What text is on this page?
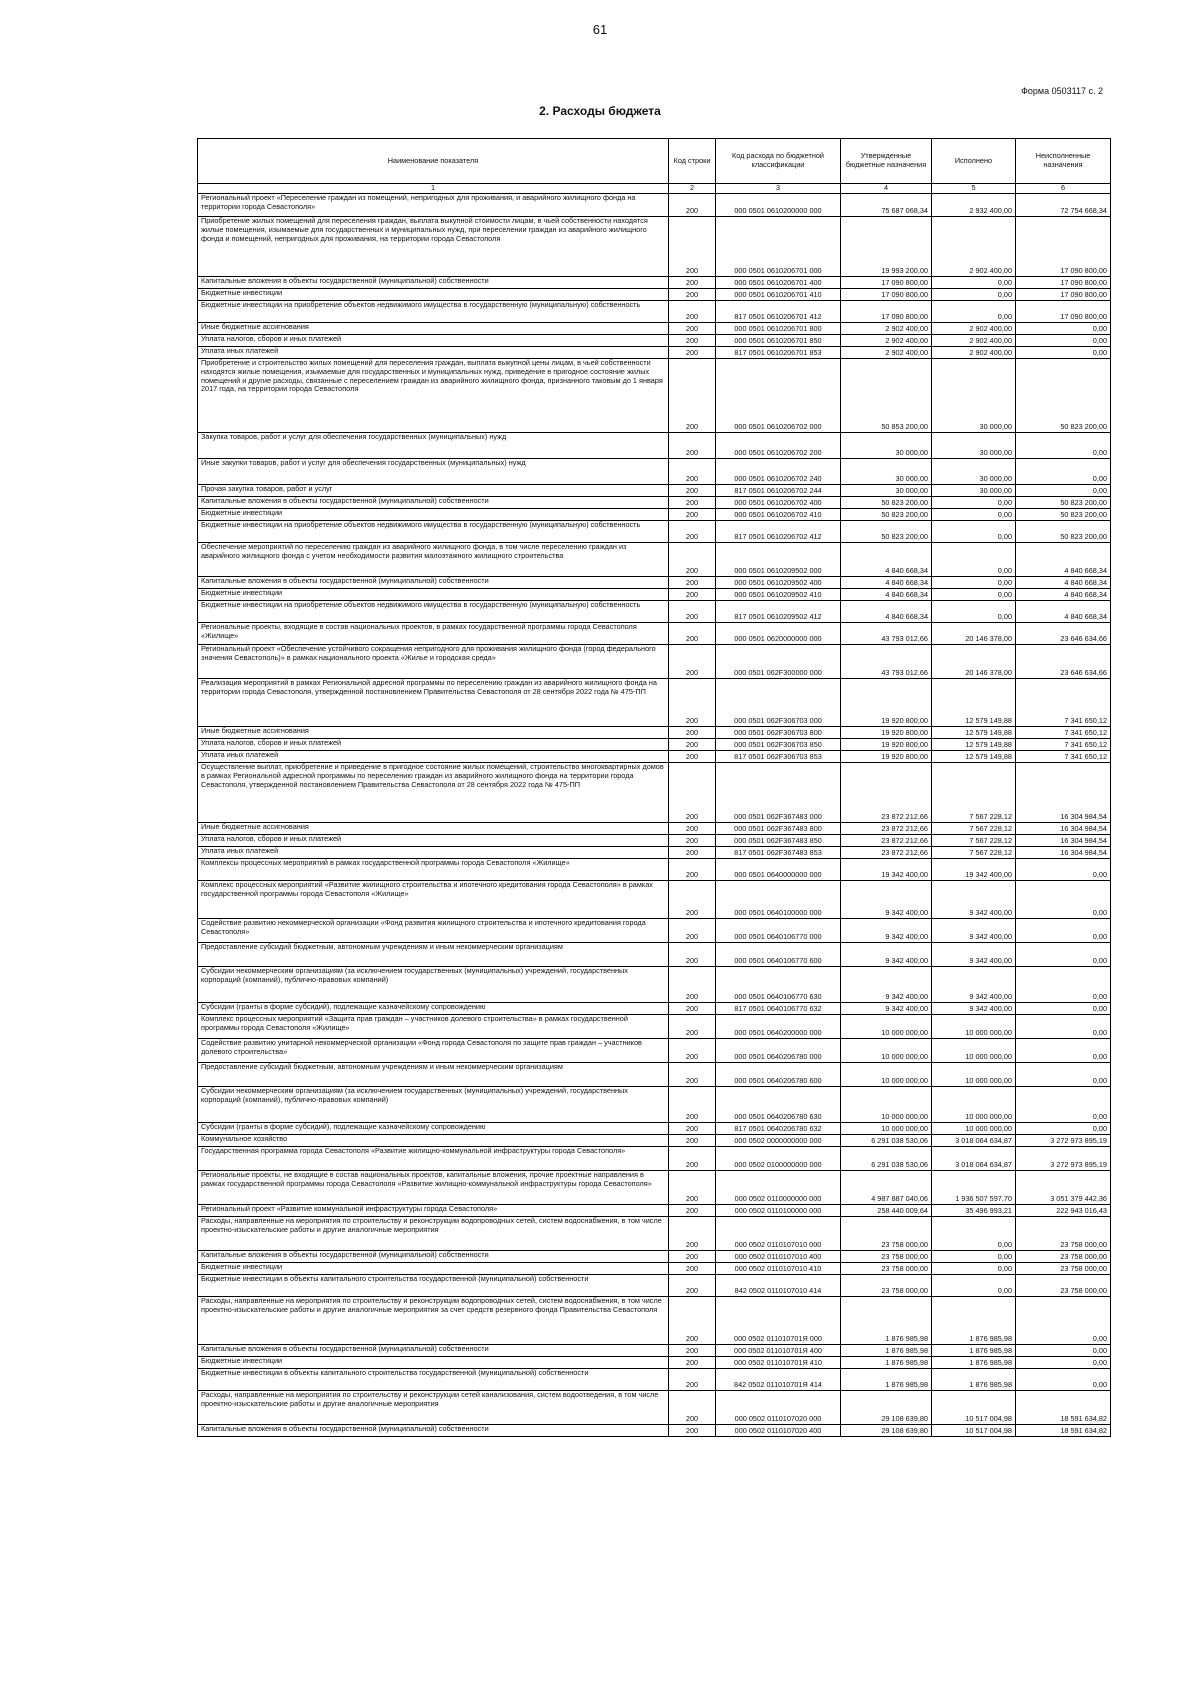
61
Форма 0503117 с. 2
2. Расходы бюджета
Наименование показателя	Код строки	Код расхода по бюджетной классификации	Утвержденные бюджетные назначения	Исполнено	Неисполненные назначения
1	2	3	4	5	6
Региональный проект «Переселение граждан из помещений, непригодных для проживания, и аварийного жилищного фонда на территории города Севастополя»	200	000 0501 0610200000 000	75 687 068,34	2 932 400,00	72 754 668,34
Приобретение жилых помещений для переселения граждан, выплата выкупной стоимости лицам, в чьей собственности находятся жилые помещения, изымаемые для государственных и муниципальных нужд, при переселении граждан из аварийного жилищного фонда и помещений, непригодных для проживания, на территории города Севастополя	200	000 0501 0610206701 000	19 993 200,00	2 902 400,00	17 090 800,00
Капитальные вложения в объекты государственной (муниципальной) собственности	200	000 0501 0610206701 400	17 090 800,00	0,00	17 090 800,00
Бюджетные инвестиции	200	000 0501 0610206701 410	17 090 800,00	0,00	17 090 800,00
Бюджетные инвестиции на приобретение объектов недвижимого имущества в государственную (муниципальную) собственность	200	817 0501 0610206701 412	17 090 800,00	0,00	17 090 800,00
Иные бюджетные ассигнования	200	000 0501 0610206701 800	2 902 400,00	2 902 400,00	0,00
Уплата налогов, сборов и иных платежей	200	000 0501 0610206701 850	2 902 400,00	2 902 400,00	0,00
Уплата иных платежей	200	817 0501 0610206701 853	2 902 400,00	2 902 400,00	0,00
Приобретение и строительство жилых помещений для переселения граждан, выплата выкупной цены лицам, в чьей собственности находятся жилые помещения, изымаемые для государственных и муниципальных нужд, приведение в пригодное состояние жилых помещений и другие расходы, связанные с переселением граждан из аварийного жилищного фонда, признанного таковым до 1 января 2017 года, на территории города Севастополя	200	000 0501 0610206702 000	50 853 200,00	30 000,00	50 823 200,00
Закупка товаров, работ и услуг для обеспечения государственных (муниципальных) нужд	200	000 0501 0610206702 200	30 000,00	30 000,00	0,00
Иные закупки товаров, работ и услуг для обеспечения государственных (муниципальных) нужд	200	000 0501 0610206702 240	30 000,00	30 000,00	0,00
Прочая закупка товаров, работ и услуг	200	817 0501 0610206702 244	30 000,00	30 000,00	0,00
Капитальные вложения в объекты государственной (муниципальной) собственности	200	000 0501 0610206702 400	50 823 200,00	0,00	50 823 200,00
Бюджетные инвестиции	200	000 0501 0610206702 410	50 823 200,00	0,00	50 823 200,00
Бюджетные инвестиции на приобретение объектов недвижимого имущества в государственную (муниципальную) собственность	200	817 0501 0610206702 412	50 823 200,00	0,00	50 823 200,00
Обеспечение мероприятий по переселению граждан из аварийного жилищного фонда, в том числе переселению граждан из аварийного жилищного фонда с учетом необходимости развития малоэтажного жилищного строительства	200	000 0501 0610209502 000	4 840 668,34	0,00	4 840 668,34
Капитальные вложения в объекты государственной (муниципальной) собственности	200	000 0501 0610209502 400	4 840 668,34	0,00	4 840 668,34
Бюджетные инвестиции	200	000 0501 0610209502 410	4 840 668,34	0,00	4 840 668,34
Бюджетные инвестиции на приобретение объектов недвижимого имущества в государственную (муниципальную) собственность	200	817 0501 0610209502 412	4 840 668,34	0,00	4 840 668,34
Региональные проекты, входящие в состав национальных проектов, в рамках государственной программы города Севастополя «Жилище»	200	000 0501 0620000000 000	43 793 012,66	20 146 378,00	23 646 634,66
Региональный проект «Обеспечение устойчивого сокращения непригодного для проживания жилищного фонда (город федерального значения Севастополь)» в рамках национального проекта «Жилье и городская среда»	200	000 0501 062F300000 000	43 793 012,66	20 146 378,00	23 646 634,66
Реализация мероприятий в рамках Региональной адресной программы по переселению граждан из аварийного жилищного фонда на территории города Севастополя, утвержденной постановлением Правительства Севастополя от 28 сентября 2022 года № 475-ПП	200	000 0501 062F306703 000	19 920 800,00	12 579 149,88	7 341 650,12
Иные бюджетные ассигнования	200	000 0501 062F306703 800	19 920 800,00	12 579 149,88	7 341 650,12
Уплата налогов, сборов и иных платежей	200	000 0501 062F306703 850	19 920 800,00	12 579 149,88	7 341 650,12
Уплата иных платежей	200	817 0501 062F306703 853	19 920 800,00	12 579 149,88	7 341 650,12
Осуществление выплат, приобретение и приведение в пригодное состояние жилых помещений, строительство многоквартирных домов в рамках Региональной адресной программы по переселению граждан из аварийного жилищного фонда на территории города Севастополя, утвержденной постановлением Правительства Севастополя от 28 сентября 2022 года № 475-ПП	200	000 0501 062F367483 000	23 872 212,66	7 567 228,12	16 304 984,54
Иные бюджетные ассигнования	200	000 0501 062F367483 800	23 872 212,66	7 567 228,12	16 304 984,54
Уплата налогов, сборов и иных платежей	200	000 0501 062F367483 850	23 872 212,66	7 567 228,12	16 304 984,54
Уплата иных платежей	200	817 0501 062F367483 853	23 872 212,66	7 567 228,12	16 304 984,54
Комплексы процессных мероприятий в рамках государственной программы города Севастополя «Жилище»	200	000 0501 0640000000 000	19 342 400,00	19 342 400,00	0,00
Комплекс процессных мероприятий «Развитие жилищного строительства и ипотечного кредитования города Севастополя» в рамках государственной программы города Севастополя «Жилище»	200	000 0501 0640100000 000	9 342 400,00	9 342 400,00	0,00
Содействие развитию некоммерческой организации «Фонд развития жилищного строительства и ипотечного кредитования города Севастополя»	200	000 0501 0640106770 000	9 342 400,00	9 342 400,00	0,00
Предоставление субсидий бюджетным, автономным учреждениям и иным некоммерческим организациям	200	000 0501 0640106770 600	9 342 400,00	9 342 400,00	0,00
Субсидии некоммерческим организациям (за исключением государственных (муниципальных) учреждений, государственных корпораций (компаний), публично-правовых компаний)	200	000 0501 0640106770 630	9 342 400,00	9 342 400,00	0,00
Субсидии (гранты в форме субсидий), подлежащие казначейскому сопровождению	200	817 0501 0640106770 632	9 342 400,00	9 342 400,00	0,00
Комплекс процессных мероприятий «Защита прав граждан – участников долевого строительства» в рамках государственной программы города Севастополя «Жилище»	200	000 0501 0640200000 000	10 000 000,00	10 000 000,00	0,00
Содействие развитию унитарной некоммерческой организации «Фонд города Севастополя по защите прав граждан – участников долевого строительства»	200	000 0501 0640206780 000	10 000 000,00	10 000 000,00	0,00
Предоставление субсидий бюджетным, автономным учреждениям и иным некоммерческим организациям	200	000 0501 0640206780 600	10 000 000,00	10 000 000,00	0,00
Субсидии некоммерческим организациям (за исключением государственных (муниципальных) учреждений, государственных корпораций (компаний), публично-правовых компаний)	200	000 0501 0640206780 630	10 000 000,00	10 000 000,00	0,00
Субсидии (гранты в форме субсидий), подлежащие казначейскому сопровождению	200	817 0501 0640206780 632	10 000 000,00	10 000 000,00	0,00
Коммунальное хозяйство	200	000 0502 0000000000 000	6 291 038 530,06	3 018 064 634,87	3 272 973 895,19
Государственная программа города Севастополя «Развитие жилищно-коммунальной инфраструктуры города Севастополя»	200	000 0502 0100000000 000	6 291 038 530,06	3 018 064 634,87	3 272 973 895,19
Региональные проекты, не входящие в состав национальных проектов, капитальные вложения, прочие проектные направления в рамках государственной программы города Севастополя «Развитие жилищно-коммунальной инфраструктуры города Севастополя»	200	000 0502 0110000000 000	4 987 887 040,06	1 936 507 597,70	3 051 379 442,36
Региональный проект «Развитие коммунальной инфраструктуры города Севастополя»	200	000 0502 0110100000 000	258 440 009,64	35 496 993,21	222 943 016,43
Расходы, направленные на мероприятия по строительству и реконструкции водопроводных сетей, систем водоснабжения, в том числе проектно-изыскательские работы и другие аналогичные мероприятия	200	000 0502 0110107010 000	23 758 000,00	0,00	23 758 000,00
Капитальные вложения в объекты государственной (муниципальной) собственности	200	000 0502 0110107010 400	23 758 000,00	0,00	23 758 000,00
Бюджетные инвестиции	200	000 0502 0110107010 410	23 758 000,00	0,00	23 758 000,00
Бюджетные инвестиции в объекты капитального строительства государственной (муниципальной) собственности	200	842 0502 0110107010 414	23 758 000,00	0,00	23 758 000,00
Расходы, направленные на мероприятия по строительству и реконструкции водопроводных сетей, систем водоснабжения, в том числе проектно-изыскательские работы и другие аналогичные мероприятия за счет средств резервного фонда Правительства Севастополя	200	000 0502 011010701Я 000	1 876 985,98	1 876 985,98	0,00
Капитальные вложения в объекты государственной (муниципальной) собственности	200	000 0502 011010701Я 400	1 876 985,98	1 876 985,98	0,00
Бюджетные инвестиции	200	000 0502 011010701Я 410	1 876 985,98	1 876 985,98	0,00
Бюджетные инвестиции в объекты капитального строительства государственной (муниципальной) собственности	200	842 0502 011010701Я 414	1 876 985,98	1 876 985,98	0,00
Расходы, направленные на мероприятия по строительству и реконструкции сетей канализования, систем водоотведения, в том числе проектно-изыскательские работы и другие аналогичные мероприятия	200	000 0502 0110107020 000	29 108 639,80	10 517 004,98	18 591 634,82
Капитальные вложения в объекты государственной (муниципальной) собственности	200	000 0502 0110107020 400	29 108 639,80	10 517 004,98	18 591 634,82
